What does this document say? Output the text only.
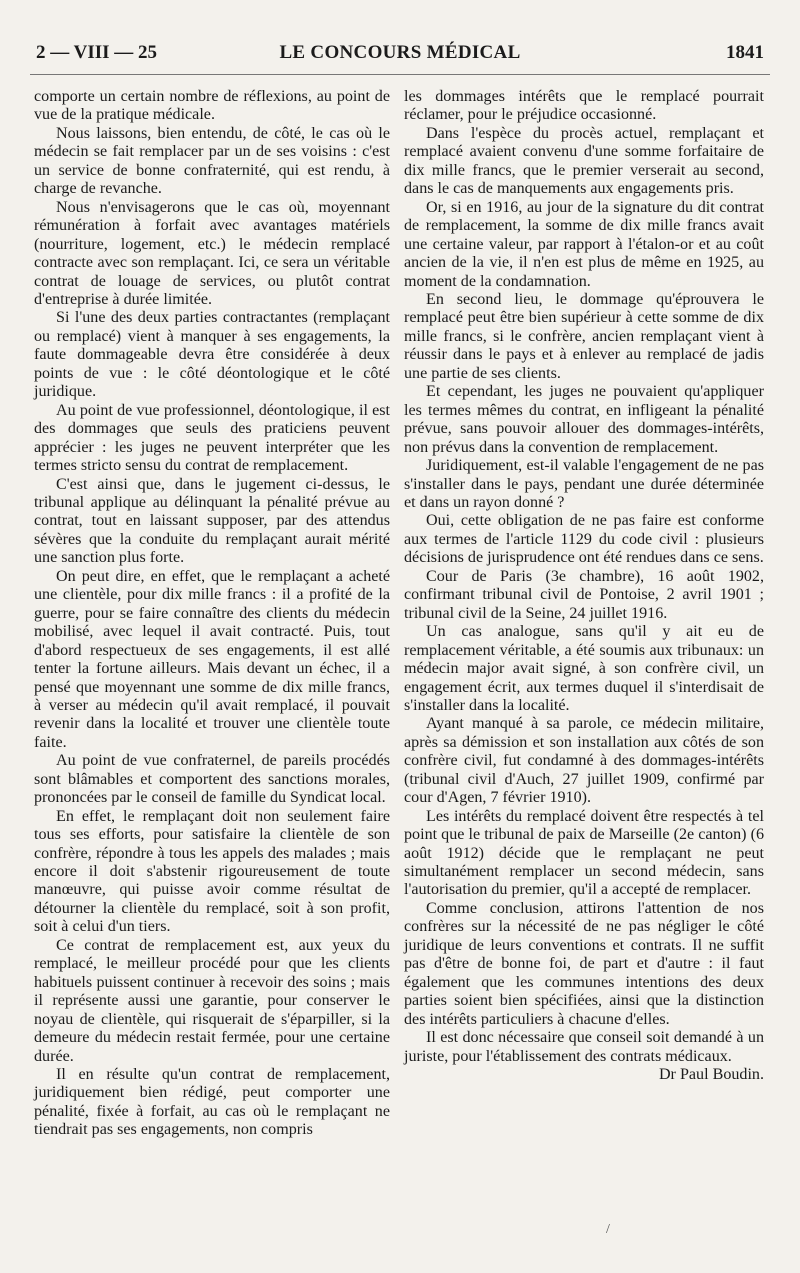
2 — VIII — 25	LE CONCOURS MÉDICAL	1841

comporte un certain nombre de réflexions, au point de vue de la pratique médicale.

Nous laissons, bien entendu, de côté, le cas où le médecin se fait remplacer par un de ses voisins : c'est un service de bonne confraternité, qui est rendu, à charge de revanche.

Nous n'envisagerons que le cas où, moyennant rémunération à forfait avec avantages matériels (nourriture, logement, etc.) le médecin remplacé contracte avec son remplaçant. Ici, ce sera un véritable contrat de louage de services, ou plutôt contrat d'entreprise à durée limitée.

Si l'une des deux parties contractantes (remplaçant ou remplacé) vient à manquer à ses engagements, la faute dommageable devra être considérée à deux points de vue : le côté déontologique et le côté juridique.

Au point de vue professionnel, déontologique, il est des dommages que seuls des praticiens peuvent apprécier : les juges ne peuvent interpréter que les termes stricto sensu du contrat de remplacement.

C'est ainsi que, dans le jugement ci-dessus, le tribunal applique au délinquant la pénalité prévue au contrat, tout en laissant supposer, par des attendus sévères que la conduite du remplaçant aurait mérité une sanction plus forte.

On peut dire, en effet, que le remplaçant a acheté une clientèle, pour dix mille francs : il a profité de la guerre, pour se faire connaître des clients du médecin mobilisé, avec lequel il avait contracté. Puis, tout d'abord respectueux de ses engagements, il est allé tenter la fortune ailleurs. Mais devant un échec, il a pensé que moyennant une somme de dix mille francs, à verser au médecin qu'il avait remplacé, il pouvait revenir dans la localité et trouver une clientèle toute faite.

Au point de vue confraternel, de pareils procédés sont blâmables et comportent des sanctions morales, prononcées par le conseil de famille du Syndicat local.

En effet, le remplaçant doit non seulement faire tous ses efforts, pour satisfaire la clientèle de son confrère, répondre à tous les appels des malades ; mais encore il doit s'abstenir rigoureusement de toute manœuvre, qui puisse avoir comme résultat de détourner la clientèle du remplacé, soit à son profit, soit à celui d'un tiers.

Ce contrat de remplacement est, aux yeux du remplacé, le meilleur procédé pour que les clients habituels puissent continuer à recevoir des soins ; mais il représente aussi une garantie, pour conserver le noyau de clientèle, qui risquerait de s'éparpiller, si la demeure du médecin restait fermée, pour une certaine durée.

Il en résulte qu'un contrat de remplacement, juridiquement bien rédigé, peut comporter une pénalité, fixée à forfait, au cas où le remplaçant ne tiendrait pas ses engagements, non compris

les dommages intérêts que le remplacé pourrait réclamer, pour le préjudice occasionné.

Dans l'espèce du procès actuel, remplaçant et remplacé avaient convenu d'une somme forfaitaire de dix mille francs, que le premier verserait au second, dans le cas de manquements aux engagements pris.

Or, si en 1916, au jour de la signature du dit contrat de remplacement, la somme de dix mille francs avait une certaine valeur, par rapport à l'étalon-or et au coût ancien de la vie, il n'en est plus de même en 1925, au moment de la condamnation.

En second lieu, le dommage qu'éprouvera le remplacé peut être bien supérieur à cette somme de dix mille francs, si le confrère, ancien remplaçant vient à réussir dans le pays et à enlever au remplacé de jadis une partie de ses clients.

Et cependant, les juges ne pouvaient qu'appliquer les termes mêmes du contrat, en infligeant la pénalité prévue, sans pouvoir allouer des dommages-intérêts, non prévus dans la convention de remplacement.

Juridiquement, est-il valable l'engagement de ne pas s'installer dans le pays, pendant une durée déterminée et dans un rayon donné ?

Oui, cette obligation de ne pas faire est conforme aux termes de l'article 1129 du code civil : plusieurs décisions de jurisprudence ont été rendues dans ce sens.

Cour de Paris (3e chambre), 16 août 1902, confirmant tribunal civil de Pontoise, 2 avril 1901 ; tribunal civil de la Seine, 24 juillet 1916.

Un cas analogue, sans qu'il y ait eu de remplacement véritable, a été soumis aux tribunaux: un médecin major avait signé, à son confrère civil, un engagement écrit, aux termes duquel il s'interdisait de s'installer dans la localité.

Ayant manqué à sa parole, ce médecin militaire, après sa démission et son installation aux côtés de son confrère civil, fut condamné à des dommages-intérêts (tribunal civil d'Auch, 27 juillet 1909, confirmé par cour d'Agen, 7 février 1910).

Les intérêts du remplacé doivent être respectés à tel point que le tribunal de paix de Marseille (2e canton) (6 août 1912) décide que le remplaçant ne peut simultanément remplacer un second médecin, sans l'autorisation du premier, qu'il a accepté de remplacer.

Comme conclusion, attirons l'attention de nos confrères sur la nécessité de ne pas négliger le côté juridique de leurs conventions et contrats. Il ne suffit pas d'être de bonne foi, de part et d'autre : il faut également que les communes intentions des deux parties soient bien spécifiées, ainsi que la distinction des intérêts particuliers à chacune d'elles.

Il est donc nécessaire que conseil soit demandé à un juriste, pour l'établissement des contrats médicaux.

Dr Paul Boudin.
/
